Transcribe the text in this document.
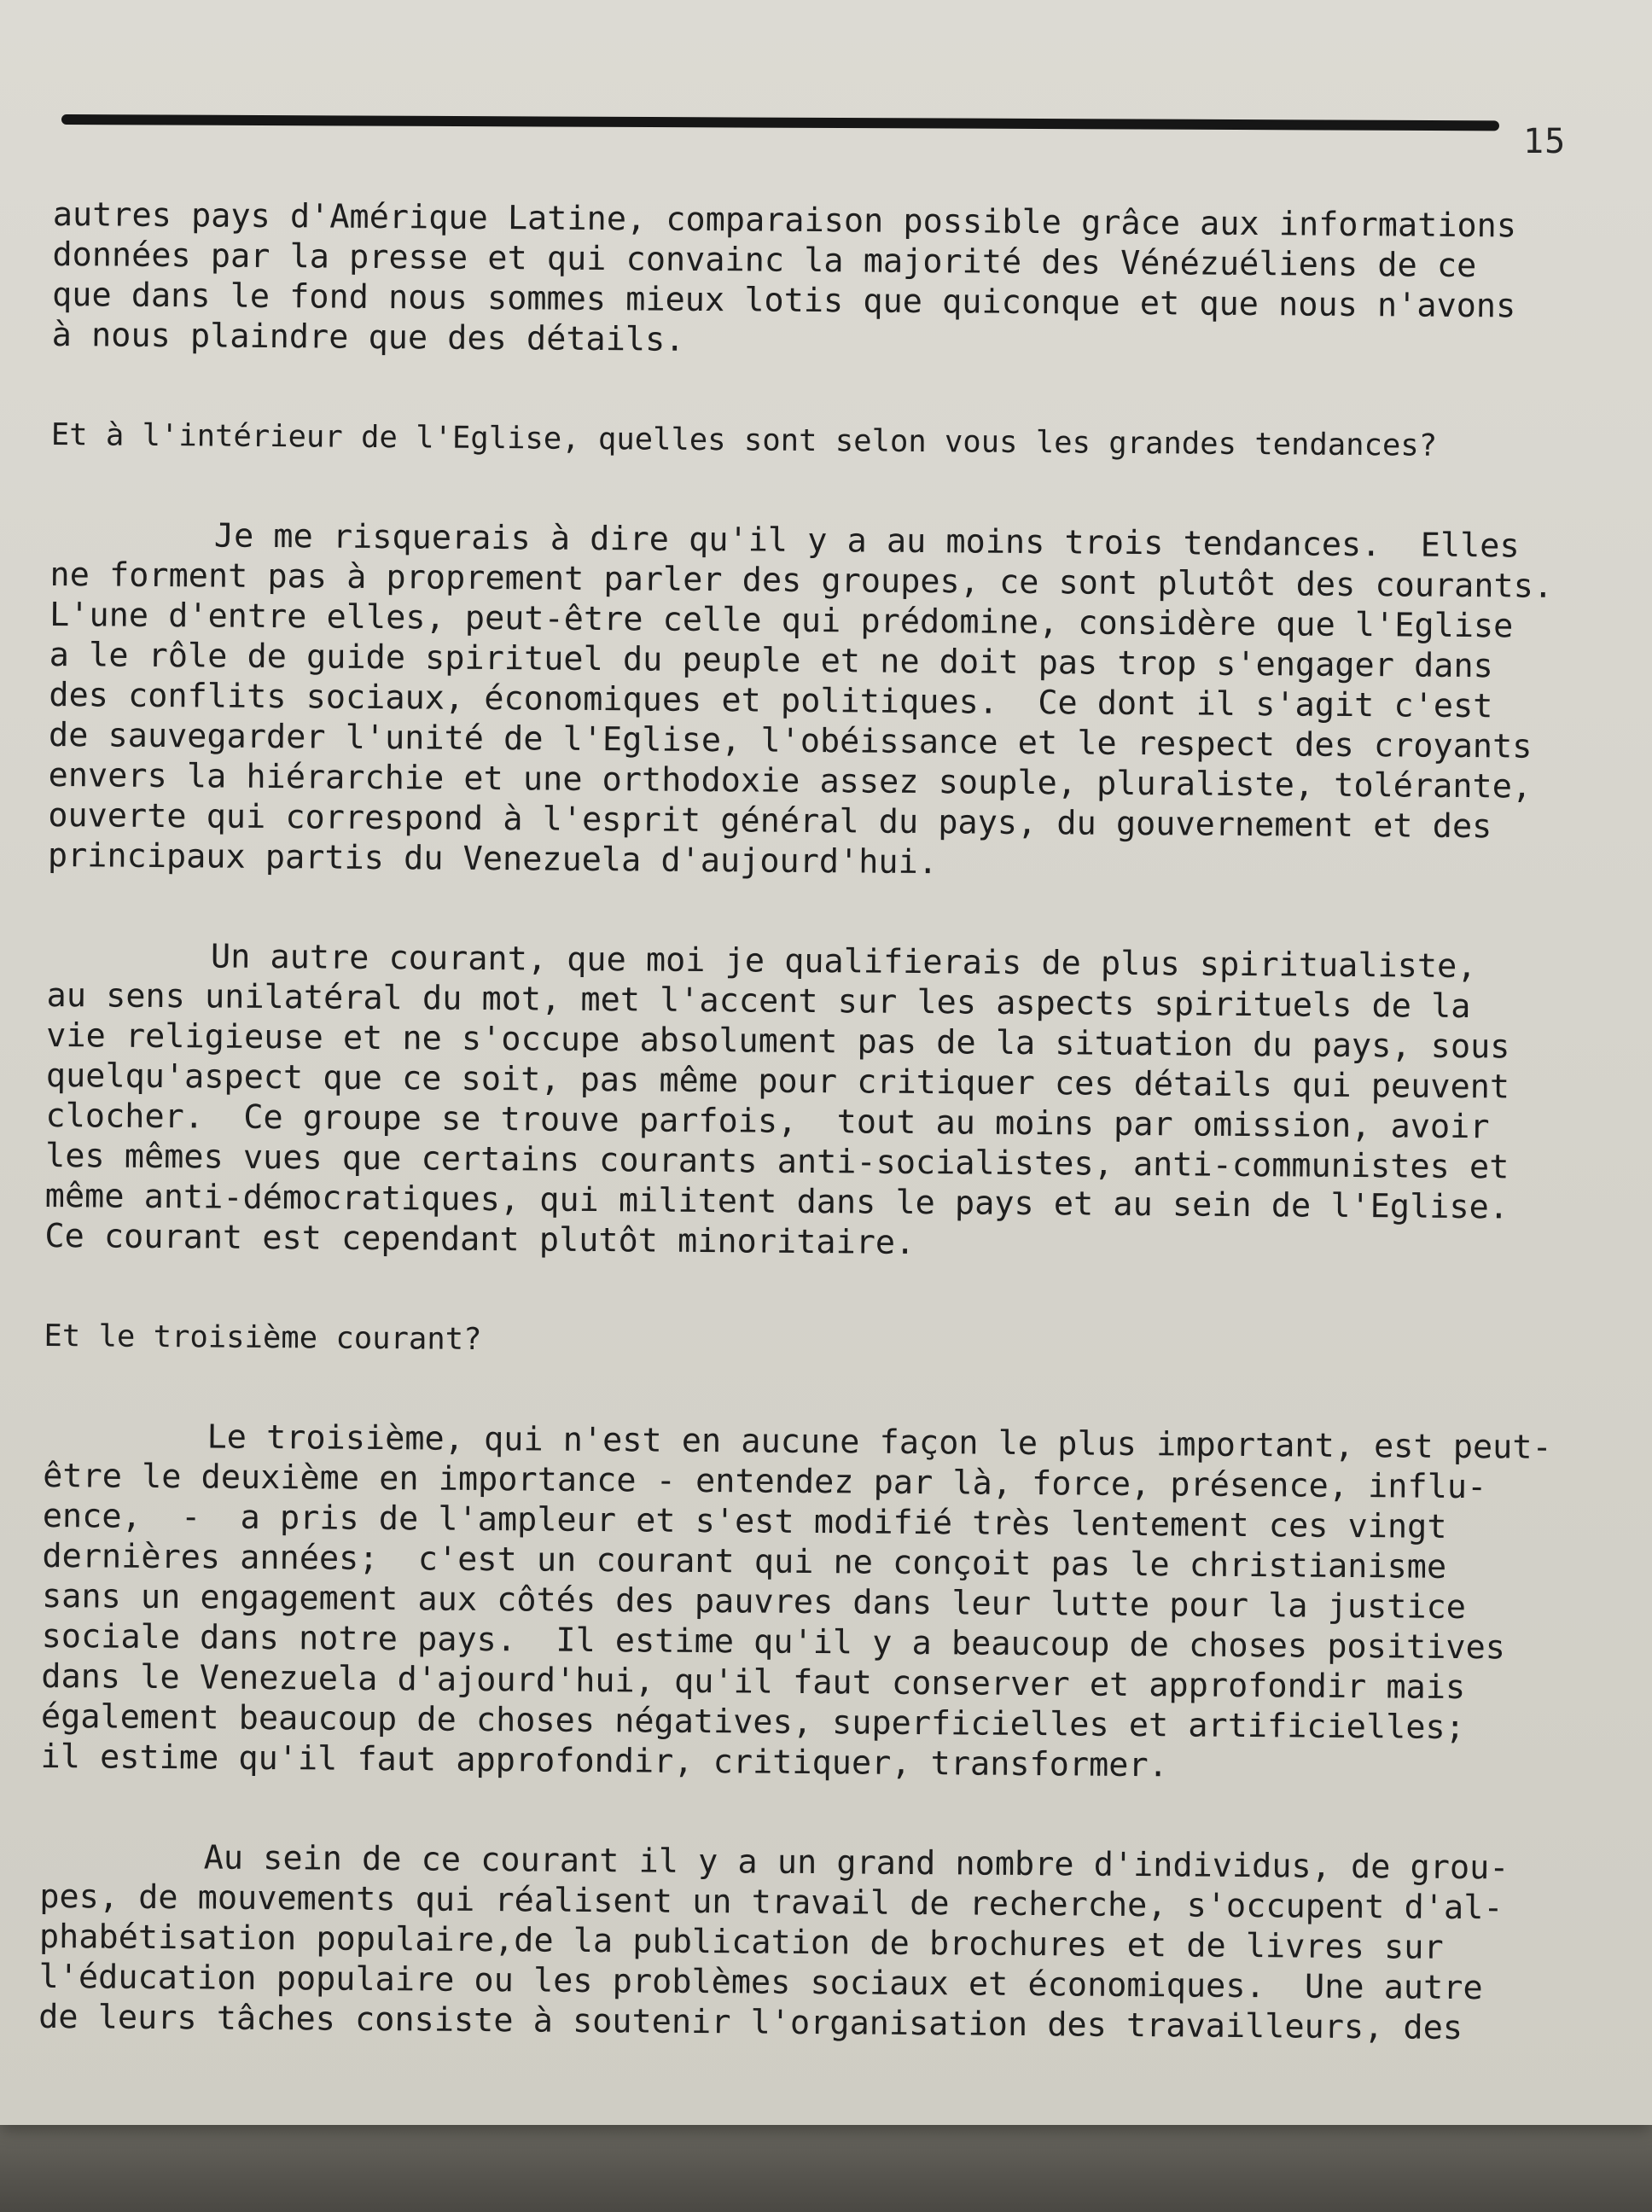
15
autres pays d'Amérique Latine, comparaison possible grâce aux informations
données par la presse et qui convainc la majorité des Vénézuéliens de ce
que dans le fond nous sommes mieux lotis que quiconque et que nous n'avons
à nous plaindre que des détails.
Et à l'intérieur de l'Eglise, quelles sont selon vous les grandes tendances?
Je me risquerais à dire qu'il y a au moins trois tendances.  Elles
ne forment pas à proprement parler des groupes, ce sont plutôt des courants.
L'une d'entre elles, peut-être celle qui prédomine, considère que l'Eglise
a le rôle de guide spirituel du peuple et ne doit pas trop s'engager dans
des conflits sociaux, économiques et politiques.  Ce dont il s'agit c'est
de sauvegarder l'unité de l'Eglise, l'obéissance et le respect des croyants
envers la hiérarchie et une orthodoxie assez souple, pluraliste, tolérante,
ouverte qui correspond à l'esprit général du pays, du gouvernement et des
principaux partis du Venezuela d'aujourd'hui.
Un autre courant, que moi je qualifierais de plus spiritualiste,
au sens unilatéral du mot, met l'accent sur les aspects spirituels de la
vie religieuse et ne s'occupe absolument pas de la situation du pays, sous
quelqu'aspect que ce soit, pas même pour critiquer ces détails qui peuvent
clocher.  Ce groupe se trouve parfois,  tout au moins par omission, avoir
les mêmes vues que certains courants anti-socialistes, anti-communistes et
même anti-démocratiques, qui militent dans le pays et au sein de l'Eglise.
Ce courant est cependant plutôt minoritaire.
Et le troisième courant?
Le troisième, qui n'est en aucune façon le plus important, est peut-
être le deuxième en importance - entendez par là, force, présence, influ-
ence,  -  a pris de l'ampleur et s'est modifié très lentement ces vingt
dernières années;  c'est un courant qui ne conçoit pas le christianisme
sans un engagement aux côtés des pauvres dans leur lutte pour la justice
sociale dans notre pays.  Il estime qu'il y a beaucoup de choses positives
dans le Venezuela d'ajourd'hui, qu'il faut conserver et approfondir mais
également beaucoup de choses négatives, superficielles et artificielles;
il estime qu'il faut approfondir, critiquer, transformer.
Au sein de ce courant il y a un grand nombre d'individus, de grou-
pes, de mouvements qui réalisent un travail de recherche, s'occupent d'al-
phabétisation populaire,de la publication de brochures et de livres sur
l'éducation populaire ou les problèmes sociaux et économiques.  Une autre
de leurs tâches consiste à soutenir l'organisation des travailleurs, des
